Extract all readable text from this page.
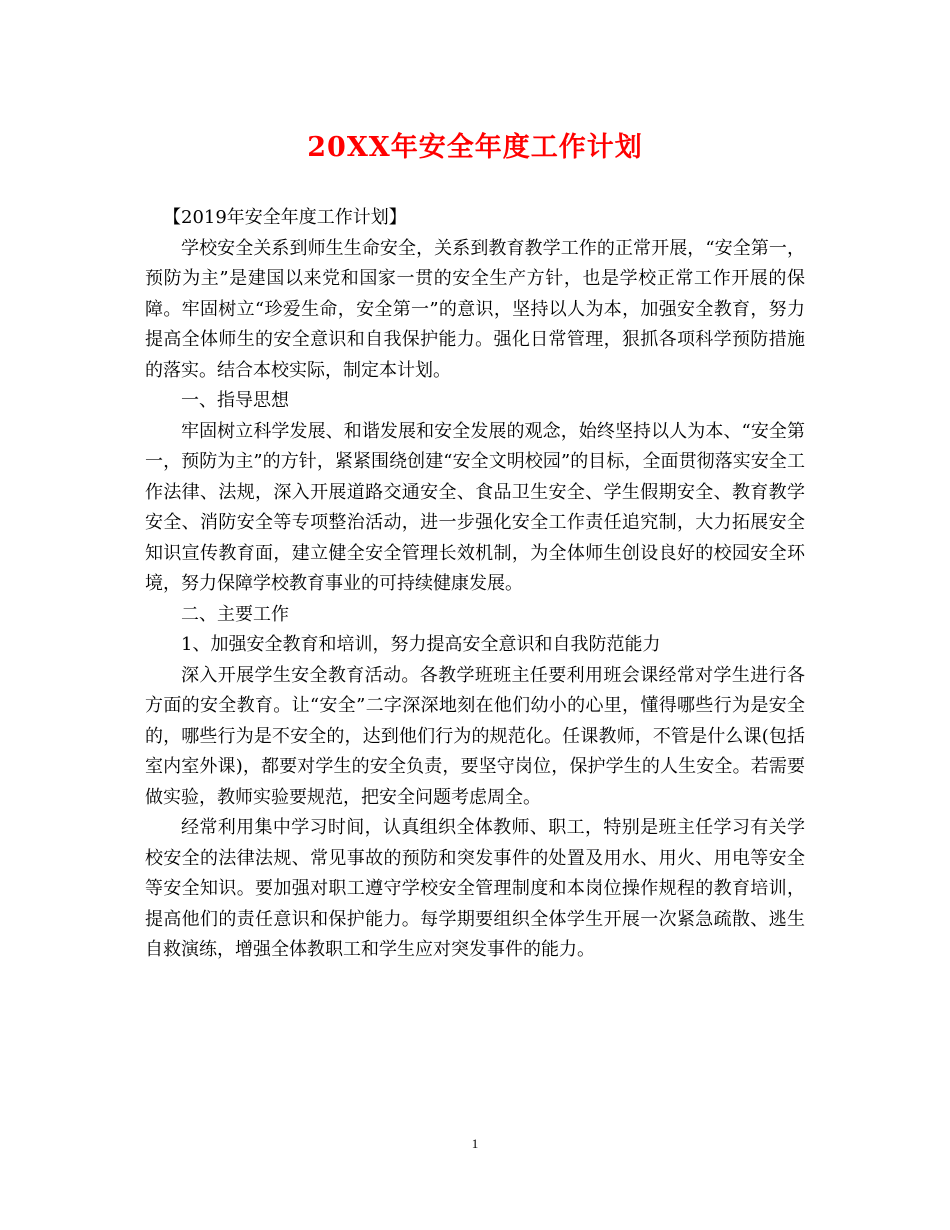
20XX年安全年度工作计划

【2019年安全年度工作计划】

学校安全关系到师生生命安全，关系到教育教学工作的正常开展，“安全第一，预防为主”是建国以来党和国家一贯的安全生产方针，也是学校正常工作开展的保障。牢固树立“珍爱生命，安全第一”的意识，坚持以人为本，加强安全教育，努力提高全体师生的安全意识和自我保护能力。强化日常管理，狠抓各项科学预防措施的落实。结合本校实际，制定本计划。

一、指导思想

牢固树立科学发展、和谐发展和安全发展的观念，始终坚持以人为本、“安全第一，预防为主”的方针，紧紧围绕创建“安全文明校园”的目标，全面贯彻落实安全工作法律、法规，深入开展道路交通安全、食品卫生安全、学生假期安全、教育教学安全、消防安全等专项整治活动，进一步强化安全工作责任追究制，大力拓展安全知识宣传教育面，建立健全安全管理长效机制，为全体师生创设良好的校园安全环境，努力保障学校教育事业的可持续健康发展。

二、主要工作

1、加强安全教育和培训，努力提高安全意识和自我防范能力

深入开展学生安全教育活动。各教学班班主任要利用班会课经常对学生进行各方面的安全教育。让“安全”二字深深地刻在他们幼小的心里，懂得哪些行为是安全的，哪些行为是不安全的，达到他们行为的规范化。任课教师，不管是什么课(包括室内室外课)，都要对学生的安全负责，要坚守岗位，保护学生的人生安全。若需要做实验，教师实验要规范，把安全问题考虑周全。

经常利用集中学习时间，认真组织全体教师、职工，特别是班主任学习有关学校安全的法律法规、常见事故的预防和突发事件的处置及用水、用火、用电等安全等安全知识。要加强对职工遵守学校安全管理制度和本岗位操作规程的教育培训，提高他们的责任意识和保护能力。每学期要组织全体学生开展一次紧急疏散、逃生自救演练，增强全体教职工和学生应对突发事件的能力。

1
